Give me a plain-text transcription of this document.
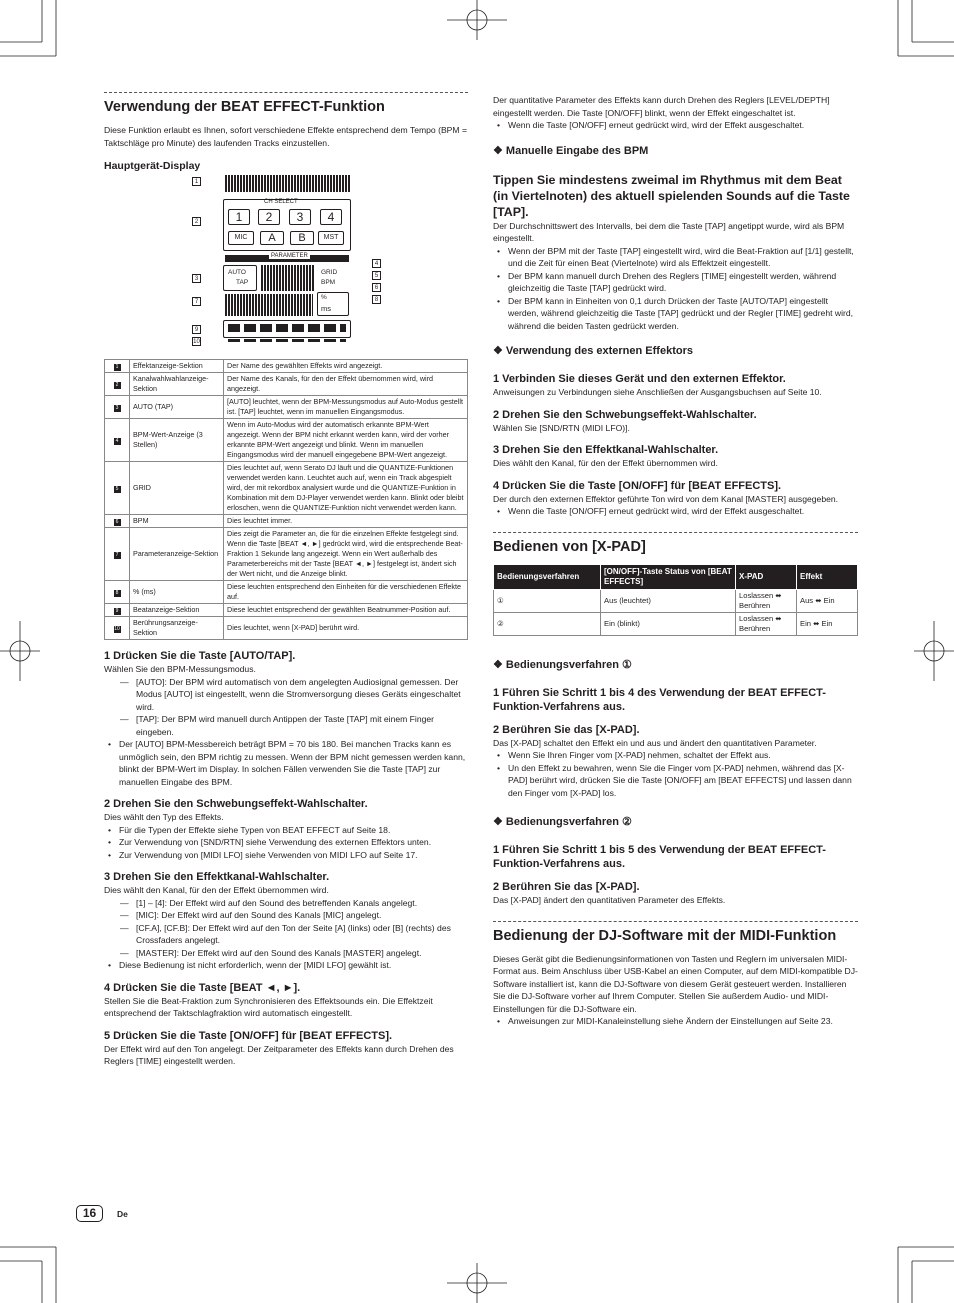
Verwendung der BEAT EFFECT-Funktion

Diese Funktion erlaubt es Ihnen, sofort verschiedene Effekte entsprechend dem Tempo (BPM = Taktschläge pro Minute) des laufenden Tracks einzustellen.

Hauptgerät-Display
1
CH SELECT
2	1	2	3	4
MIC	A	B	MST
PARAMETER
4
5
6
3
AUTO
TAP
GRID
BPM
7
%
ms
8
9
10
1	Effektanzeige-Sektion	Der Name des gewählten Effekts wird angezeigt.
2	Kanalwahlwahlanzeige-Sektion	Der Name des Kanals, für den der Effekt übernommen wird, wird angezeigt.
3	AUTO (TAP)	[AUTO] leuchtet, wenn der BPM-Messungsmodus auf Auto-Modus gestellt ist. [TAP] leuchtet, wenn im manuellen Eingangsmodus.
4	BPM-Wert-Anzeige (3 Stellen)	Wenn im Auto-Modus wird der automatisch erkannte BPM-Wert angezeigt. Wenn der BPM nicht erkannt werden kann, wird der vorher erkannte BPM-Wert angezeigt und blinkt. Wenn im manuellen Eingangsmodus wird der manuell eingegebene BPM-Wert angezeigt.
5	GRID	Dies leuchtet auf, wenn Serato DJ läuft und die QUANTIZE-Funktionen verwendet werden kann. Leuchtet auch auf, wenn ein Track abgespielt wird, der mit rekordbox analysiert wurde und die QUANTIZE-Funktion in Kombination mit dem DJ-Player verwendet werden kann. Blinkt oder bleibt erloschen, wenn die QUANTIZE-Funktion nicht verwendet werden kann.
6	BPM	Dies leuchtet immer.
7	Parameteranzeige-Sektion	Dies zeigt die Parameter an, die für die einzelnen Effekte festgelegt sind. Wenn die Taste [BEAT ◄, ►] gedrückt wird, wird die entsprechende Beat-Fraktion 1 Sekunde lang angezeigt. Wenn ein Wert außerhalb des Parameterbereichs mit der Taste [BEAT ◄, ►] festgelegt ist, ändert sich der Wert nicht, und die Anzeige blinkt.
8	% (ms)	Diese leuchten entsprechend den Einheiten für die verschiedenen Effekte auf.
9	Beatanzeige-Sektion	Diese leuchtet entsprechend der gewählten Beatnummer-Position auf.
10	Berührungsanzeige-Sektion	Dies leuchtet, wenn [X-PAD] berührt wird.
1 Drücken Sie die Taste [AUTO/TAP].

Wählen Sie den BPM-Messungsmodus.

— [AUTO]: Der BPM wird automatisch von dem angelegten Audiosignal gemessen. Der Modus [AUTO] ist eingestellt, wenn die Stromversorgung dieses Geräts eingeschaltet wird.
— [TAP]: Der BPM wird manuell durch Antippen der Taste [TAP] mit einem Finger eingeben.
• Der [AUTO] BPM-Messbereich beträgt BPM = 70 bis 180. Bei manchen Tracks kann es unmöglich sein, den BPM richtig zu messen. Wenn der BPM nicht gemessen werden kann, blinkt der BPM-Wert im Display. In solchen Fällen verwenden Sie die Taste [TAP] zur manuellen Eingabe des BPM.
2 Drehen Sie den Schwebungseffekt-Wahlschalter.

Dies wählt den Typ des Effekts.

• Für die Typen der Effekte siehe Typen von BEAT EFFECT auf Seite 18.
• Zur Verwendung von [SND/RTN] siehe Verwendung des externen Effektors unten.
• Zur Verwendung von [MIDI LFO] siehe Verwenden von MIDI LFO auf Seite 17.
3 Drehen Sie den Effektkanal-Wahlschalter.

Dies wählt den Kanal, für den der Effekt übernommen wird.

— [1] – [4]: Der Effekt wird auf den Sound des betreffenden Kanals angelegt.
— [MIC]: Der Effekt wird auf den Sound des Kanals [MIC] angelegt.
— [CF.A], [CF.B]: Der Effekt wird auf den Ton der Seite [A] (links) oder [B] (rechts) des Crossfaders angelegt.
— [MASTER]: Der Effekt wird auf den Sound des Kanals [MASTER] angelegt.
• Diese Bedienung ist nicht erforderlich, wenn der [MIDI LFO] gewählt ist.
4 Drücken Sie die Taste [BEAT ◄, ►].

Stellen Sie die Beat-Fraktion zum Synchronisieren des Effektsounds ein. Die Effektzeit entsprechend der Taktschlagfraktion wird automatisch eingestellt.

5 Drücken Sie die Taste [ON/OFF] für [BEAT EFFECTS].

Der Effekt wird auf den Ton angelegt. Der Zeitparameter des Effekts kann durch Drehen des Reglers [TIME] eingestellt werden.

Der quantitative Parameter des Effekts kann durch Drehen des Reglers [LEVEL/DEPTH] eingestellt werden. Die Taste [ON/OFF] blinkt, wenn der Effekt eingeschaltet ist.

• Wenn die Taste [ON/OFF] erneut gedrückt wird, wird der Effekt ausgeschaltet.
❖ Manuelle Eingabe des BPM
Tippen Sie mindestens zweimal im Rhythmus mit dem Beat (in Viertelnoten) des aktuell spielenden Sounds auf die Taste [TAP].

Der Durchschnittswert des Intervalls, bei dem die Taste [TAP] angetippt wurde, wird als BPM eingestellt.

• Wenn der BPM mit der Taste [TAP] eingestellt wird, wird die Beat-Fraktion auf [1/1] gestellt, und die Zeit für einen Beat (Viertelnote) wird als Effektzeit eingestellt.
• Der BPM kann manuell durch Drehen des Reglers [TIME] eingestellt werden, während gleichzeitig die Taste [TAP] gedrückt wird.
• Der BPM kann in Einheiten von 0,1 durch Drücken der Taste [AUTO/TAP] eingestellt werden, während gleichzeitig die Taste [TAP] gedrückt und der Regler [TIME] gedreht wird, während die beiden Tasten gedrückt werden.
❖ Verwendung des externen Effektors
1 Verbinden Sie dieses Gerät und den externen Effektor.

Anweisungen zu Verbindungen siehe Anschließen der Ausgangsbuchsen auf Seite 10.

2 Drehen Sie den Schwebungseffekt-Wahlschalter.

Wählen Sie [SND/RTN (MIDI LFO)].

3 Drehen Sie den Effektkanal-Wahlschalter.

Dies wählt den Kanal, für den der Effekt übernommen wird.

4 Drücken Sie die Taste [ON/OFF] für [BEAT EFFECTS].

Der durch den externen Effektor geführte Ton wird von dem Kanal [MASTER] ausgegeben.

• Wenn die Taste [ON/OFF] erneut gedrückt wird, wird der Effekt ausgeschaltet.
Bedienen von [X-PAD]
Bedienungsverfahren	[ON/OFF]-Taste Status von [BEAT EFFECTS]	X-PAD	Effekt
①	Aus (leuchtet)	Loslassen ⬌ Berühren	Aus ⬌ Ein
②	Ein (blinkt)	Loslassen ⬌ Berühren	Ein ⬌ Ein
❖ Bedienungsverfahren ①
1 Führen Sie Schritt 1 bis 4 des Verwendung der BEAT EFFECT-Funktion-Verfahrens aus.
2 Berühren Sie das [X-PAD].

Das [X-PAD] schaltet den Effekt ein und aus und ändert den quantitativen Parameter.

• Wenn Sie Ihren Finger vom [X-PAD] nehmen, schaltet der Effekt aus.
• Un den Effekt zu bewahren, wenn Sie die Finger vom [X-PAD] nehmen, während das [X-PAD] berührt wird, drücken Sie die Taste [ON/OFF] am [BEAT EFFECTS] und lassen dann den Finger vom [X-PAD] los.
❖ Bedienungsverfahren ②
1 Führen Sie Schritt 1 bis 5 des Verwendung der BEAT EFFECT-Funktion-Verfahrens aus.
2 Berühren Sie das [X-PAD].

Das [X-PAD] ändert den quantitativen Parameter des Effekts.

Bedienung der DJ-Software mit der MIDI-Funktion

Dieses Gerät gibt die Bedienungsinformationen von Tasten und Reglern im universalen MIDI-Format aus. Beim Anschluss über USB-Kabel an einen Computer, auf dem MIDI-kompatible DJ-Software installiert ist, kann die DJ-Software von diesem Gerät gesteuert werden. Installieren Sie die DJ-Software vorher auf Ihrem Computer. Stellen Sie außerdem Audio- und MIDI-Einstellungen für die DJ-Software ein.

• Anweisungen zur MIDI-Kanaleinstellung siehe Ändern der Einstellungen auf Seite 23.
16	De
